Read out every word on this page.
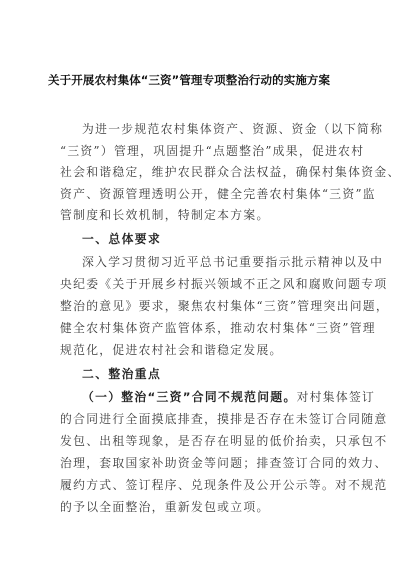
关于开展农村集体“三资”管理专项整治行动的实施方案
为进一步规范农村集体资产、资源、资金（以下简称
“三资”）管理，巩固提升“点题整治”成果，促进农村
社会和谐稳定，维护农民群众合法权益，确保村集体资金、
资产、资源管理透明公开，健全完善农村集体“三资”监
管制度和长效机制，特制定本方案。
一、总体要求
深入学习贯彻习近平总书记重要指示批示精神以及中
央纪委《关于开展乡村振兴领域不正之风和腐败问题专项
整治的意见》要求，聚焦农村集体“三资”管理突出问题，
健全农村集体资产监管体系，推动农村集体“三资”管理
规范化，促进农村社会和谐稳定发展。
二、整治重点
（一）整治“三资”合同不规范问题。对村集体签订
的合同进行全面摸底排查，摸排是否存在未签订合同随意
发包、出租等现象，是否存在明显的低价抬卖，只承包不
治理，套取国家补助资金等问题；排查签订合同的效力、
履约方式、签订程序、兑现条件及公开公示等。对不规范
的予以全面整治，重新发包或立项。
